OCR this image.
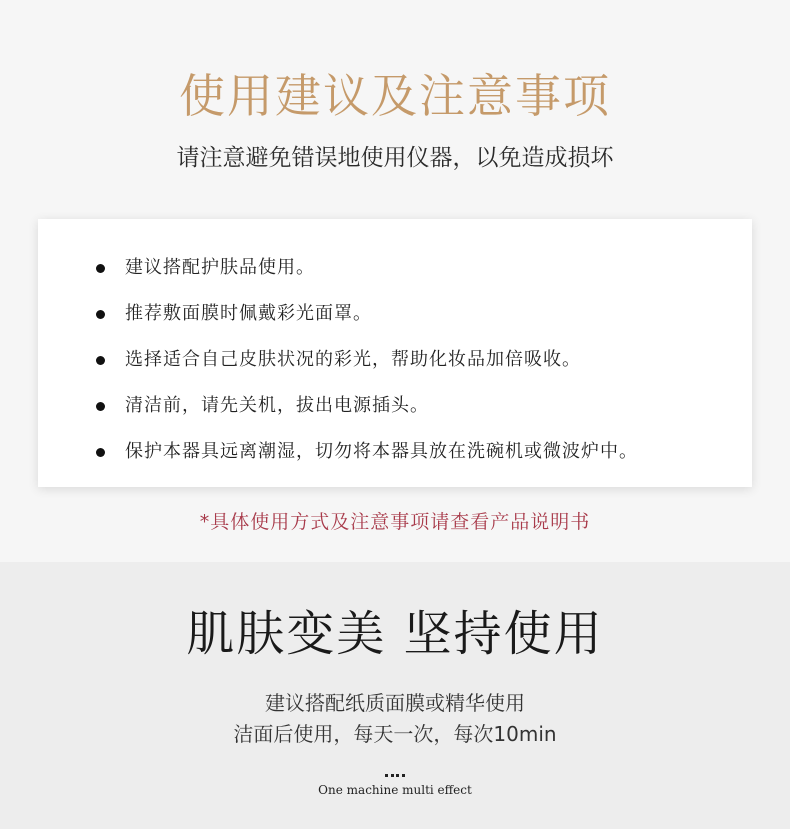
使用建议及注意事项
请注意避免错误地使用仪器，以免造成损坏
建议搭配护肤品使用。
推荐敷面膜时佩戴彩光面罩。
选择适合自己皮肤状况的彩光，帮助化妆品加倍吸收。
清洁前，请先关机，拔出电源插头。
保护本器具远离潮湿，切勿将本器具放在洗碗机或微波炉中。
*具体使用方式及注意事项请查看产品说明书
肌肤变美 坚持使用
建议搭配纸质面膜或精华使用
洁面后使用，每天一次，每次10min
One machine multi effect
